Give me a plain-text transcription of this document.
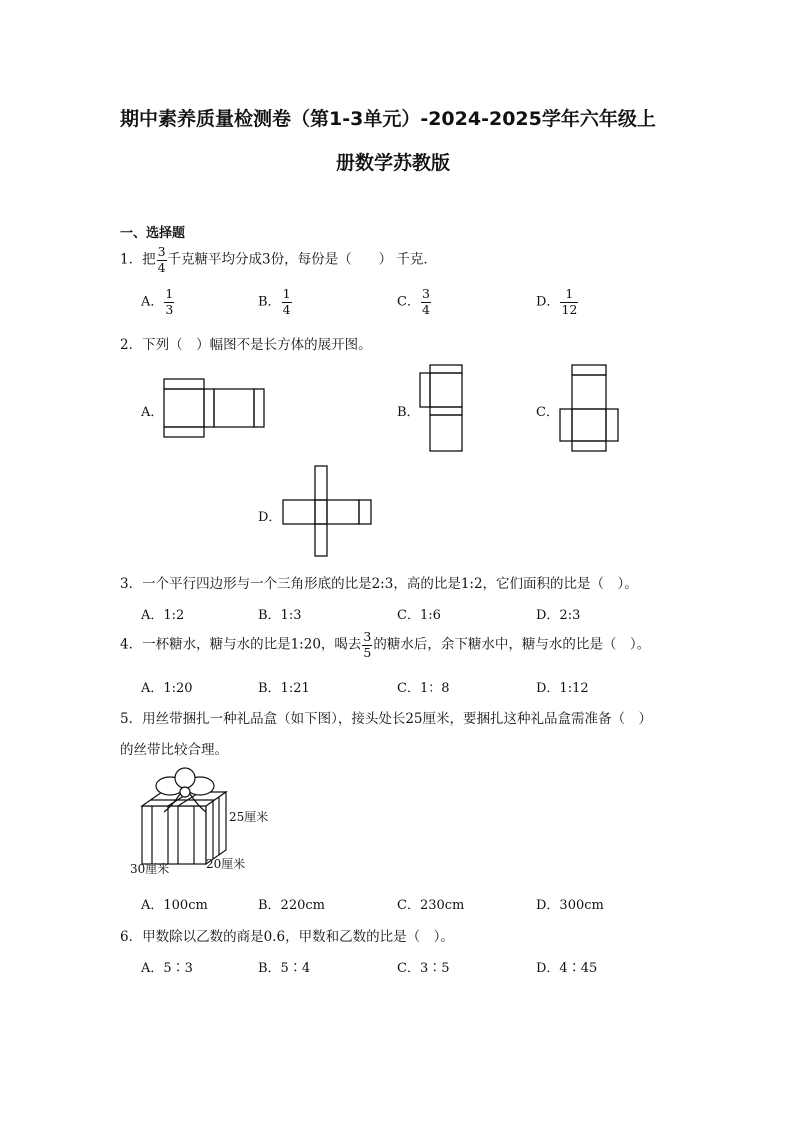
期中素养质量检测卷（第1-3单元）-2024-2025学年六年级上
册数学苏教版
一、选择题
1．把 $\frac{3}{4}$ 千克糖平均分成3份，每份是（　　） 千克．
A． $\frac{1}{3}$	B． $\frac{1}{4}$	C． $\frac{3}{4}$	D． $\frac{1}{12}$
2．下列（　）幅图不是长方体的展开图。
A．	B．	C．
D．
3．一个平行四边形与一个三角形底的比是2:3，高的比是1:2，它们面积的比是（　）。
A．1:2	B．1:3	C．1:6	D．2:3
4．一杯糖水，糖与水的比是1:20，喝去 $\frac{3}{5}$ 的糖水后，余下糖水中，糖与水的比是（　）。
A．1:20	B．1:21	C．1：8	D．1:12
5．用丝带捆扎一种礼品盒（如下图），接头处长25厘米，要捆扎这种礼品盒需准备（　）
的丝带比较合理。
25厘米
30厘米	20厘米
A．100cm	B．220cm	C．230cm	D．300cm
6．甲数除以乙数的商是0.6，甲数和乙数的比是（　）。
A．5∶3	B．5∶4	C．3∶5	D．4∶45
